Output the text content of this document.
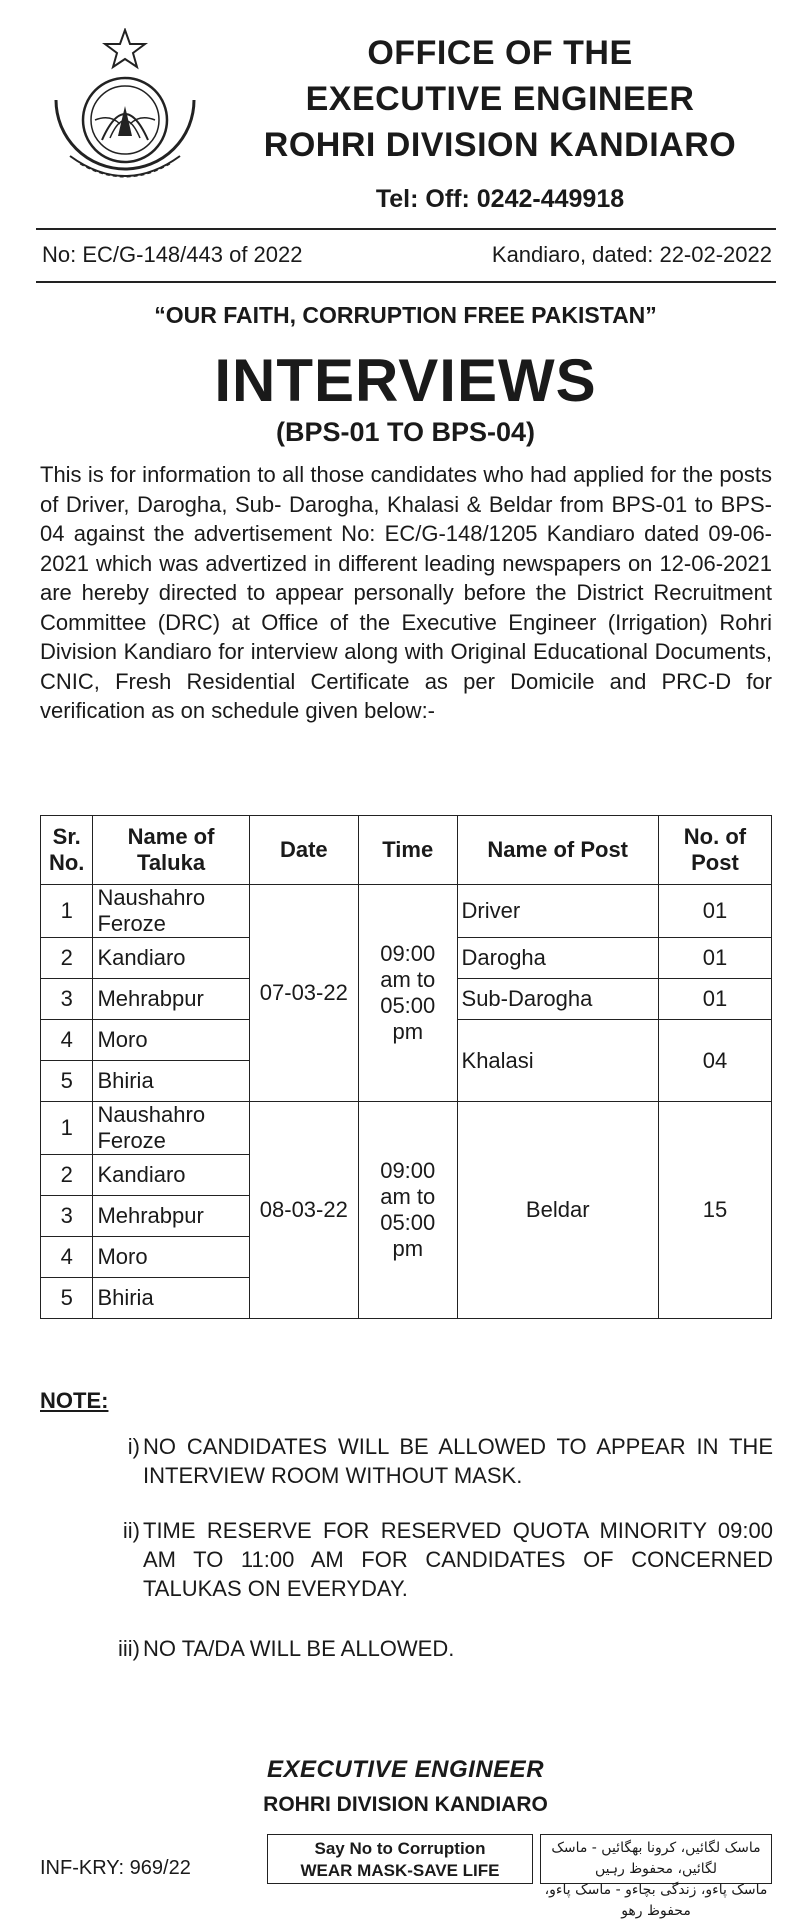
OFFICE OF THE
EXECUTIVE ENGINEER
ROHRI DIVISION KANDIARO
Tel: Off: 0242-449918
No: EC/G-148/443 of 2022	Kandiaro, dated: 22-02-2022
“OUR FAITH, CORRUPTION FREE PAKISTAN”
INTERVIEWS
(BPS-01 TO BPS-04)
This is for information to all those candidates who had applied for the posts of Driver, Darogha, Sub- Darogha, Khalasi & Beldar from BPS-01 to BPS-04 against the advertisement No: EC/G-148/1205 Kandiaro dated 09-06-2021 which was advertized in different leading newspapers on 12-06-2021 are hereby directed to appear personally before the District Recruitment Committee (DRC) at Office of the Executive Engineer (Irrigation) Rohri Division Kandiaro for interview along with Original Educational Documents, CNIC, Fresh Residential Certificate as per Domicile and PRC-D for verification as on schedule given below:-
Sr. No.	Name of Taluka	Date	Time	Name of Post	No. of Post
1	Naushahro Feroze	07-03-22	09:00 am to 05:00 pm	Driver	01
2	Kandiaro			Darogha	01
3	Mehrabpur			Sub-Darogha	01
4	Moro			Khalasi	04
5	Bhiria				
1	Naushahro Feroze	08-03-22	09:00 am to 05:00 pm	Beldar	15
2	Kandiaro				
3	Mehrabpur				
4	Moro				
5	Bhiria				
NOTE:
i) NO CANDIDATES WILL BE ALLOWED TO APPEAR IN THE INTERVIEW ROOM WITHOUT MASK.
ii) TIME RESERVE FOR RESERVED QUOTA MINORITY 09:00 AM TO 11:00 AM FOR CANDIDATES OF CONCERNED TALUKAS ON EVERYDAY.
iii) NO TA/DA WILL BE ALLOWED.
EXECUTIVE ENGINEER
ROHRI DIVISION KANDIARO
INF-KRY: 969/22
Say No to Corruption
WEAR MASK-SAVE LIFE
ماسک لگائیں، کرونا بھگائیں - ماسک لگائیں، محفوظ رہیں
ماسک پاءو، زندگی بچاءو - ماسک پاءو، محفوظ رهو
